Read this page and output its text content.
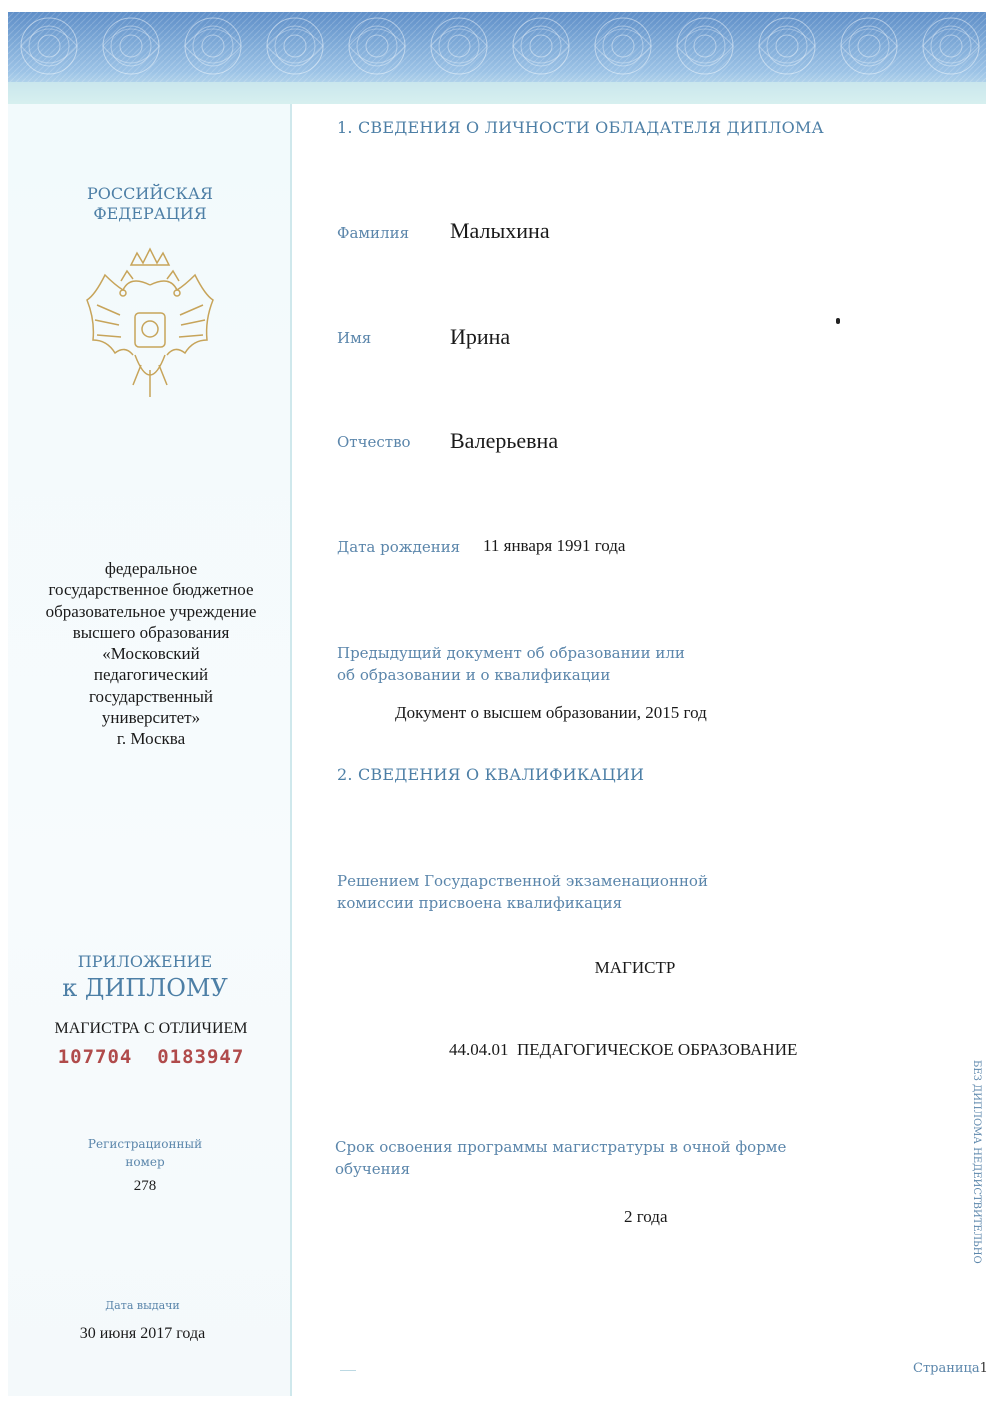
РОССИЙСКАЯ
ФЕДЕРАЦИЯ
федеральное
государственное бюджетное
образовательное учреждение
высшего образования
«Московский
педагогический
государственный
университет»
г. Москва
ПРИЛОЖЕНИЕ
к ДИПЛОМУ
МАГИСТРА С ОТЛИЧИЕМ
107704  0183947
Регистрационный
номер
278
Дата выдачи
30 июня 2017 года
1. СВЕДЕНИЯ О ЛИЧНОСТИ ОБЛАДАТЕЛЯ ДИПЛОМА
Фамилия Малыхина
Имя	Ирина
Отчество Валерьевна
Дата рождения 11 января 1991 года
Предыдущий документ об образовании или
об образовании и о квалификации
Документ о высшем образовании, 2015 год
2. СВЕДЕНИЯ О КВАЛИФИКАЦИИ
Решением Государственной экзаменационной
комиссии присвоена квалификация
МАГИСТР
44.04.01  ПЕДАГОГИЧЕСКОЕ ОБРАЗОВАНИЕ
Срок освоения программы магистратуры в очной форме
обучения
2 года	БЕЗ ДИПЛОМА НЕДЕЙСТВИТЕЛЬНО
Страница1
